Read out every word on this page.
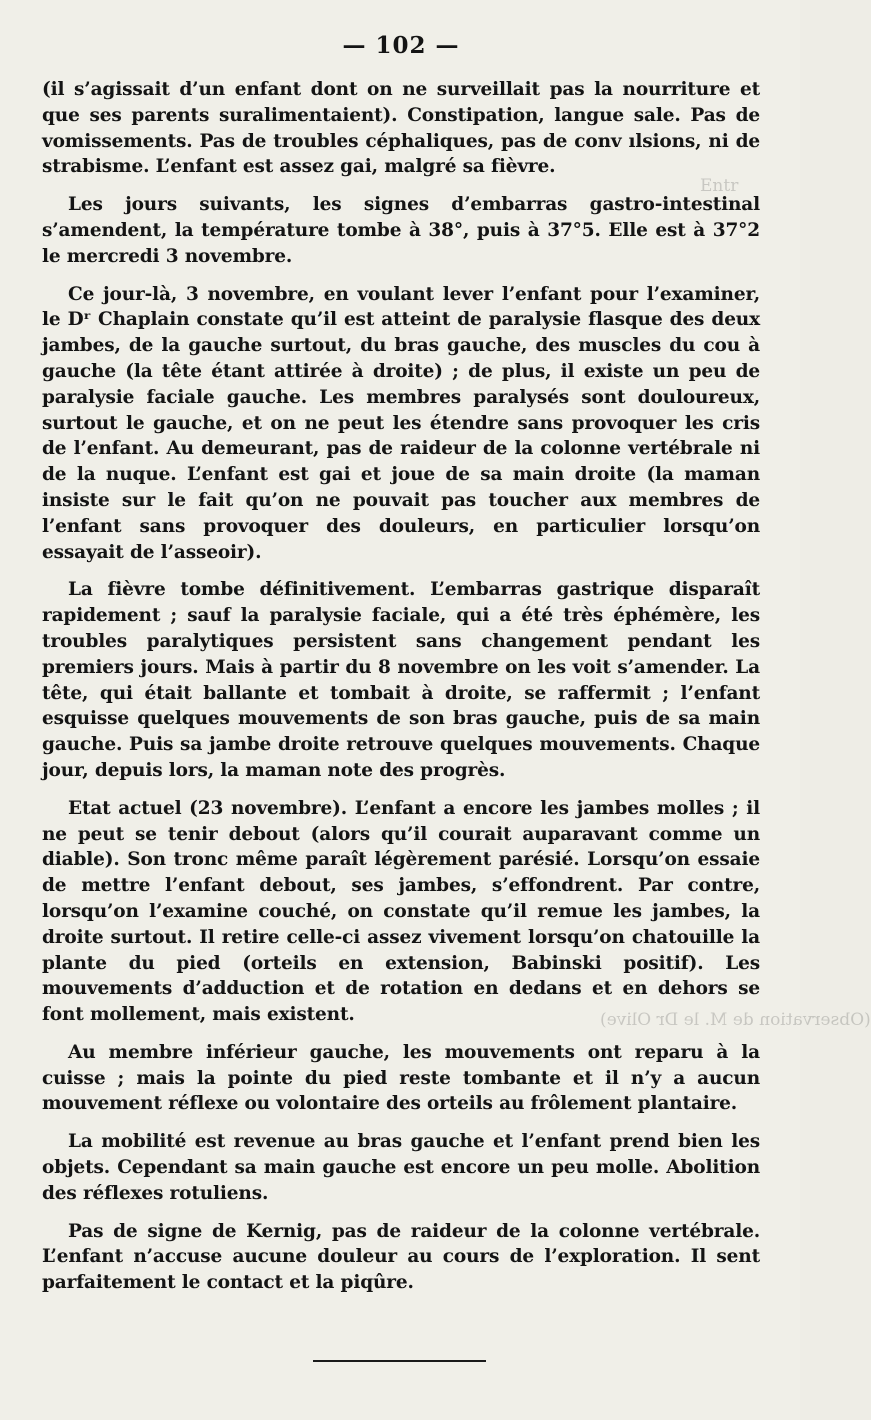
Entr
(Observation de M. le Dr Olive)
— 102 —

(il s’agissait d’un enfant dont on ne surveillait pas la nourriture et que ses parents suralimentaient). Constipation, langue sale. Pas de vomissements. Pas de troubles céphaliques, pas de conv ılsions, ni de strabisme. L’enfant est assez gai, malgré sa fièvre.

Les jours suivants, les signes d’embarras gastro-intestinal s’amendent, la température tombe à 38°, puis à 37°5. Elle est à 37°2 le mercredi 3 novembre.

Ce jour-là, 3 novembre, en voulant lever l’enfant pour l’examiner, le Dʳ Chaplain constate qu’il est atteint de paralysie flasque des deux jambes, de la gauche surtout, du bras gauche, des muscles du cou à gauche (la tête étant attirée à droite) ; de plus, il existe un peu de paralysie faciale gauche. Les membres paralysés sont douloureux, surtout le gauche, et on ne peut les étendre sans provoquer les cris de l’enfant. Au demeurant, pas de raideur de la colonne vertébrale ni de la nuque. L’enfant est gai et joue de sa main droite (la maman insiste sur le fait qu’on ne pouvait pas toucher aux membres de l’enfant sans provoquer des douleurs, en particulier lorsqu’on essayait de l’asseoir).

La fièvre tombe définitivement. L’embarras gastrique disparaît rapidement ; sauf la paralysie faciale, qui a été très éphémère, les troubles paralytiques persistent sans changement pendant les premiers jours. Mais à partir du 8 novembre on les voit s’amender. La tête, qui était ballante et tombait à droite, se raffermit ; l’enfant esquisse quelques mouvements de son bras gauche, puis de sa main gauche. Puis sa jambe droite retrouve quelques mouvements. Chaque jour, depuis lors, la maman note des progrès.

Etat actuel (23 novembre). L’enfant a encore les jambes molles ; il ne peut se tenir debout (alors qu’il courait auparavant comme un diable). Son tronc même paraît légèrement parésié. Lorsqu’on essaie de mettre l’enfant debout, ses jambes, s’effondrent. Par contre, lorsqu’on l’examine couché, on constate qu’il remue les jambes, la droite surtout. Il retire celle-ci assez vivement lorsqu’on chatouille la plante du pied (orteils en extension, Babinski positif). Les mouvements d’adduction et de rotation en dedans et en dehors se font mollement, mais existent.

Au membre inférieur gauche, les mouvements ont reparu à la cuisse ; mais la pointe du pied reste tombante et il n’y a aucun mouvement réflexe ou volontaire des orteils au frôlement plantaire.

La mobilité est revenue au bras gauche et l’enfant prend bien les objets. Cependant sa main gauche est encore un peu molle. Abolition des réflexes rotuliens.

Pas de signe de Kernig, pas de raideur de la colonne vertébrale. L’enfant n’accuse aucune douleur au cours de l’exploration. Il sent parfaitement le contact et la piqûre.
